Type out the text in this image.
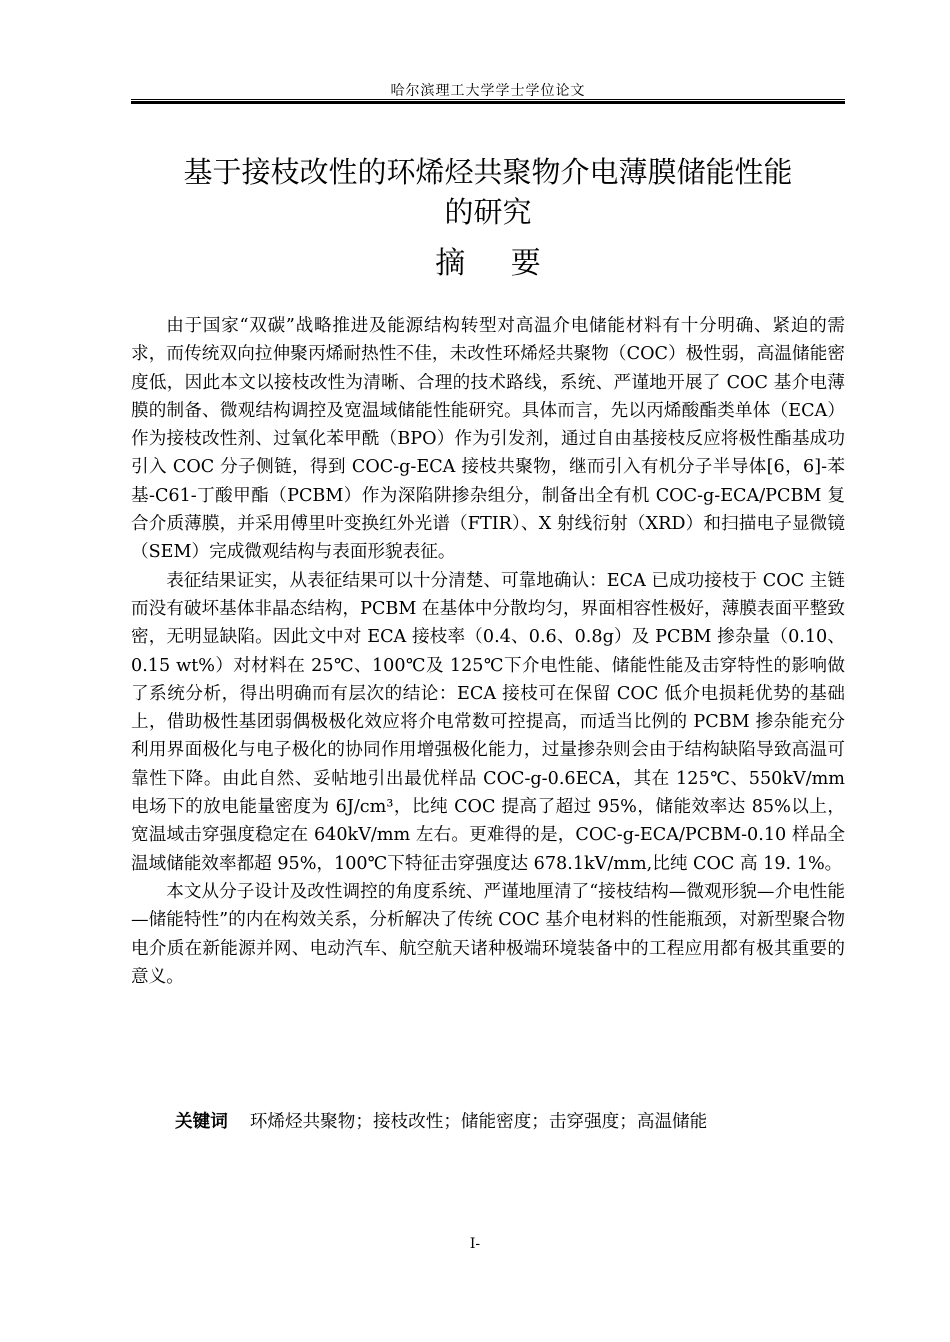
哈尔滨理工大学学士学位论文
基于接枝改性的环烯烃共聚物介电薄膜储能性能
的研究
摘 要

由于国家“双碳”战略推进及能源结构转型对高温介电储能材料有十分明确、紧迫的需求，而传统双向拉伸聚丙烯耐热性不佳，未改性环烯烃共聚物（COC）极性弱，高温储能密度低，因此本文以接枝改性为清晰、合理的技术路线，系统、严谨地开展了 COC 基介电薄膜的制备、微观结构调控及宽温域储能性能研究。具体而言，先以丙烯酸酯类单体（ECA）作为接枝改性剂、过氧化苯甲酰（BPO）作为引发剂，通过自由基接枝反应将极性酯基成功引入 COC 分子侧链，得到 COC-g-ECA 接枝共聚物，继而引入有机分子半导体[6，6]-苯基-C61-丁酸甲酯（PCBM）作为深陷阱掺杂组分，制备出全有机 COC-g-ECA/PCBM 复合介质薄膜，并采用傅里叶变换红外光谱（FTIR）、X 射线衍射（XRD）和扫描电子显微镜（SEM）完成微观结构与表面形貌表征。

表征结果证实，从表征结果可以十分清楚、可靠地确认：ECA 已成功接枝于 COC 主链而没有破坏基体非晶态结构，PCBM 在基体中分散均匀，界面相容性极好，薄膜表面平整致密，无明显缺陷。因此文中对 ECA 接枝率（0.4、0.6、0.8g）及 PCBM 掺杂量（0.10、0.15 wt%）对材料在 25℃、100℃及 125℃下介电性能、储能性能及击穿特性的影响做了系统分析，得出明确而有层次的结论：ECA 接枝可在保留 COC 低介电损耗优势的基础上，借助极性基团弱偶极极化效应将介电常数可控提高，而适当比例的 PCBM 掺杂能充分利用界面极化与电子极化的协同作用增强极化能力，过量掺杂则会由于结构缺陷导致高温可靠性下降。由此自然、妥帖地引出最优样品 COC-g-0.6ECA，其在 125℃、550kV/mm 电场下的放电能量密度为 6J/cm³，比纯 COC 提高了超过 95%，储能效率达 85%以上，宽温域击穿强度稳定在 640kV/mm 左右。更难得的是，COC-g-ECA/PCBM-0.10 样品全温域储能效率都超 95%，100℃下特征击穿强度达 678.1kV/mm,比纯 COC 高 19. 1%。

本文从分子设计及改性调控的角度系统、严谨地厘清了“接枝结构—微观形貌—介电性能—储能特性”的内在构效关系，分析解决了传统 COC 基介电材料的性能瓶颈，对新型聚合物电介质在新能源并网、电动汽车、航空航天诸种极端环境装备中的工程应用都有极其重要的意义。

关键词 环烯烃共聚物；接枝改性；储能密度；击穿强度；高温储能
I-
